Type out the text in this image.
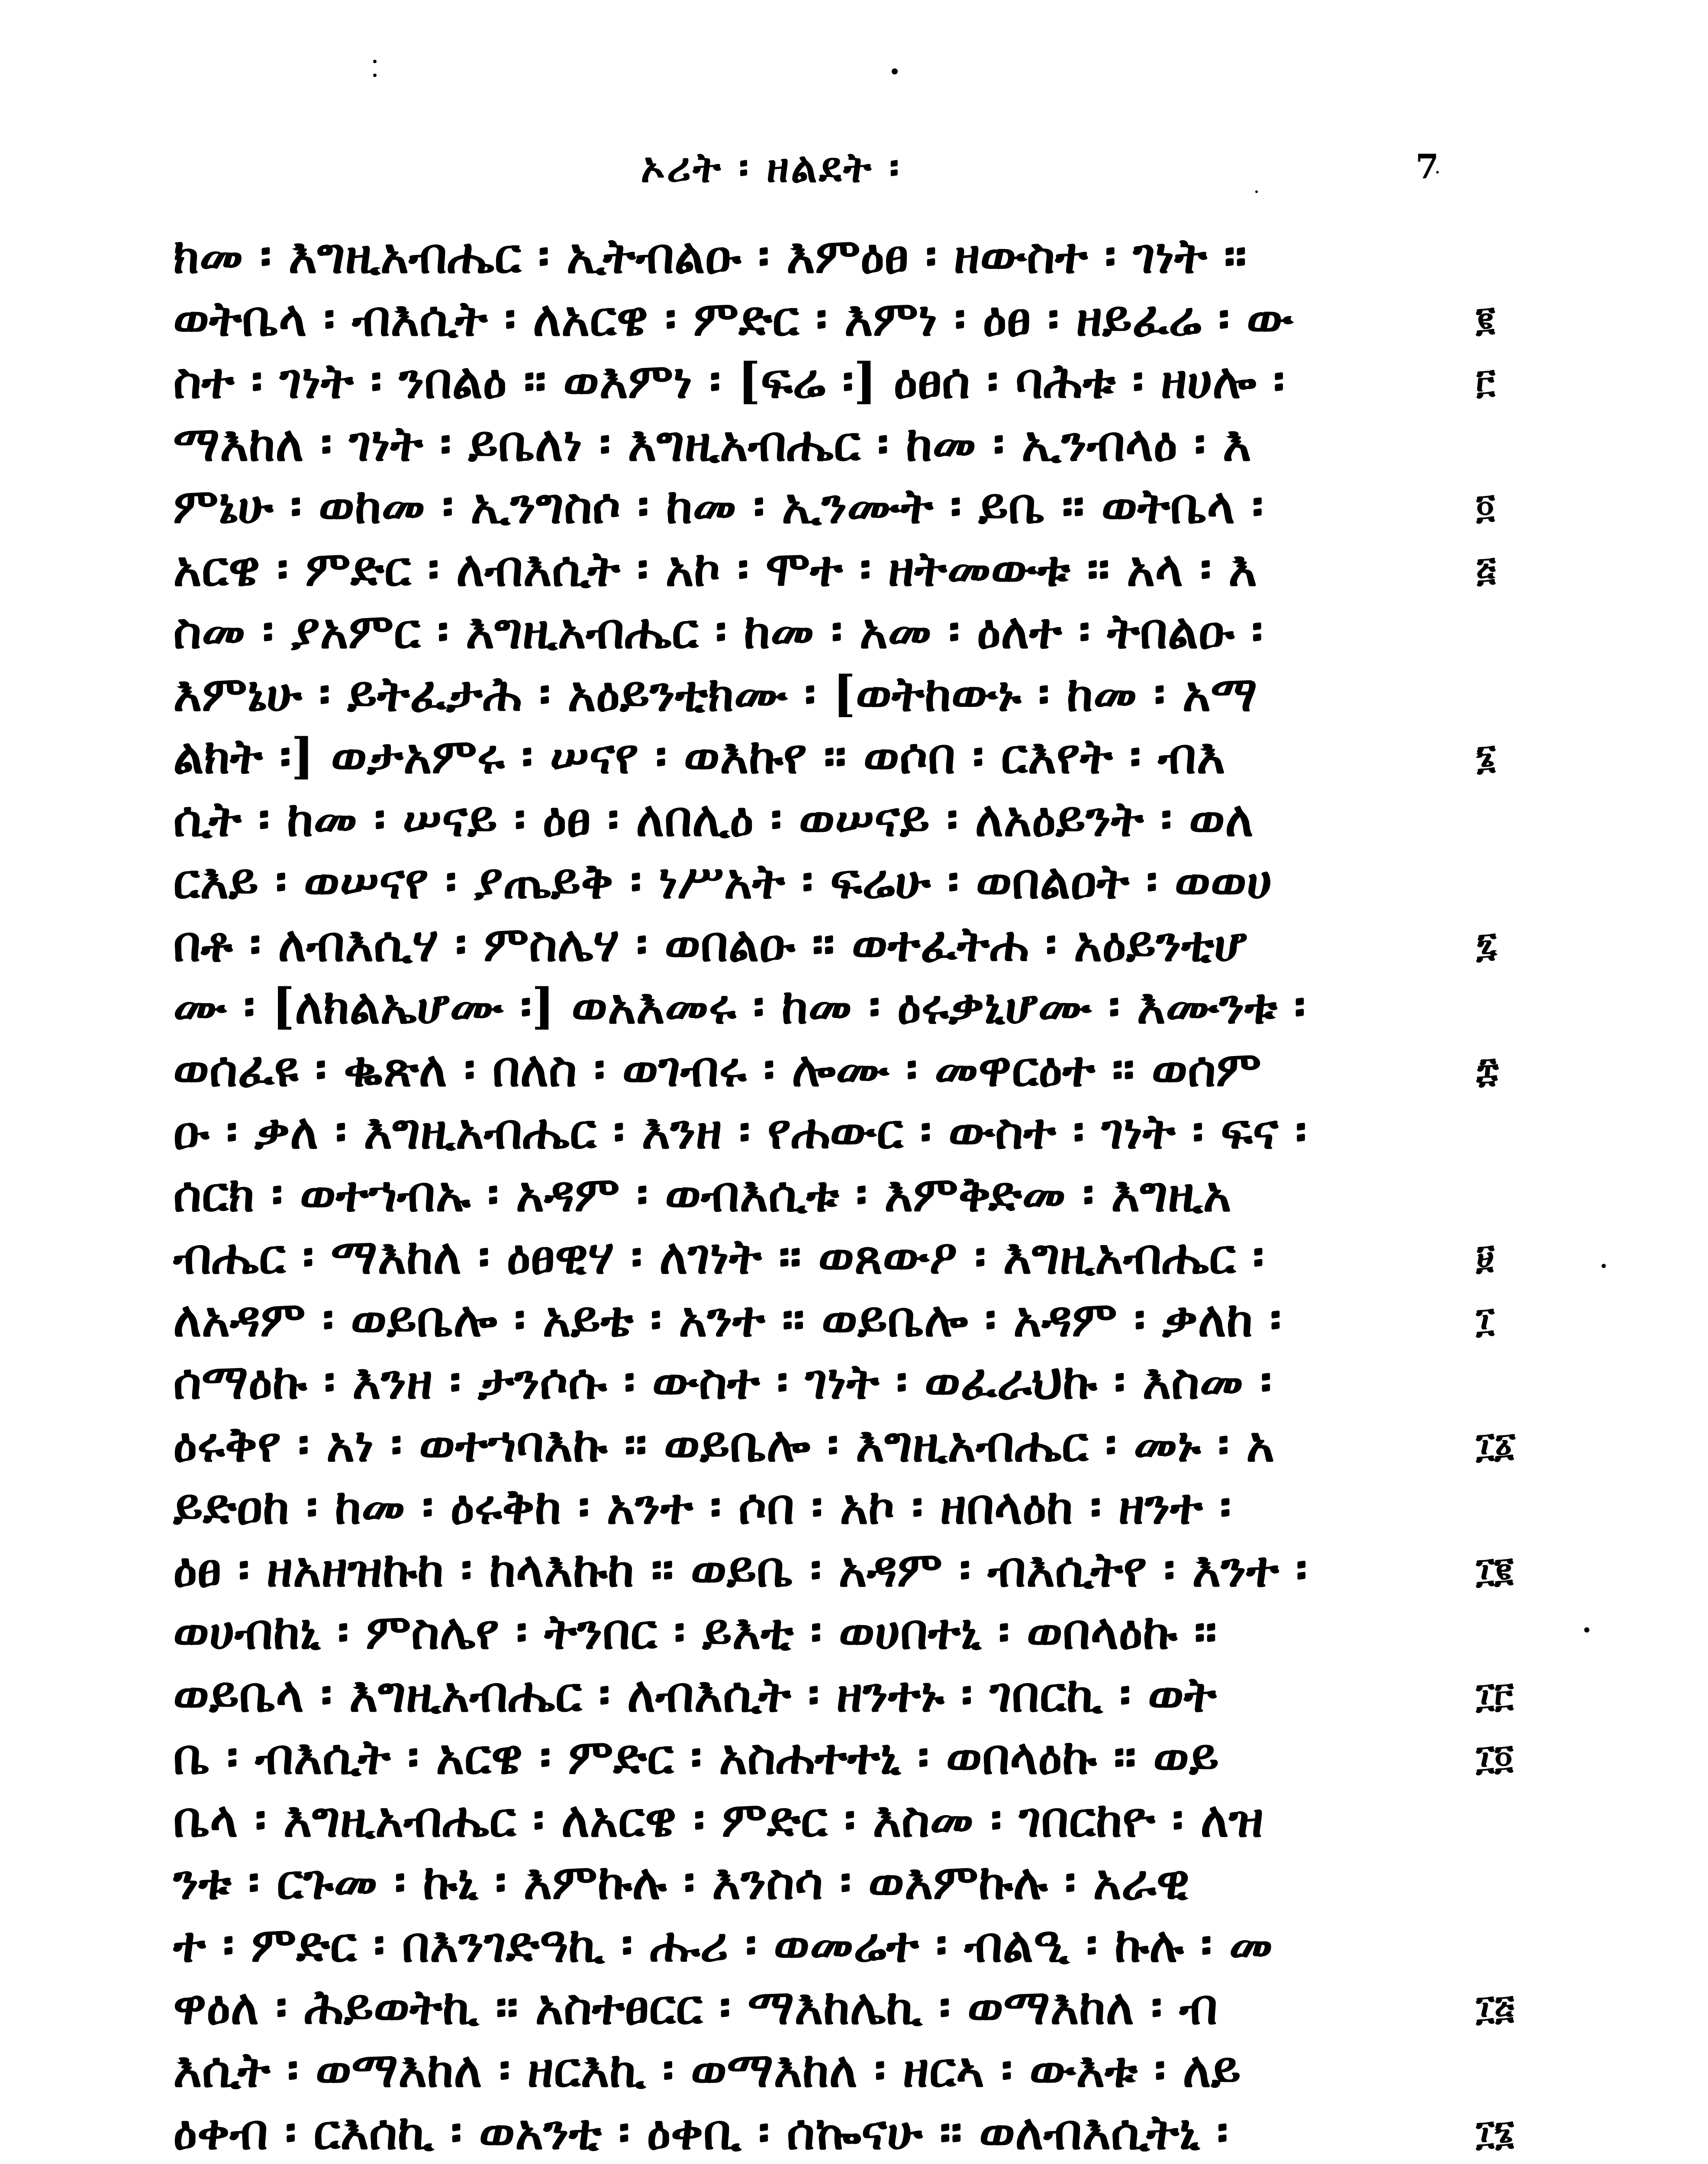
ኦሪት ፡ ዘልደት ፡	7
ክመ ፡ እግዚአብሔር ፡ ኢትብልዑ ፡ እምዕፀ ፡ ዘውስተ ፡ ገነት ።
ወትቤላ ፡ ብእሲት ፡ ለአርዌ ፡ ምድር ፡ እምነ ፡ ዕፀ ፡ ዘይፈሬ ፡ ው
ስተ ፡ ገነት ፡ ንበልዕ ። ወእምነ ፡ [ፍሬ ፡] ዕፀሰ ፡ ባሕቱ ፡ ዘሀሎ ፡
ማእከለ ፡ ገነት ፡ ይቤለነ ፡ እግዚአብሔር ፡ ከመ ፡ ኢንብላዕ ፡ እ
ምኔሁ ፡ ወከመ ፡ ኢንግስሶ ፡ ከመ ፡ ኢንሙት ፡ ይቤ ። ወትቤላ ፡
አርዌ ፡ ምድር ፡ ለብእሲት ፡ አኮ ፡ ሞተ ፡ ዘትመውቱ ። አላ ፡ እ
ስመ ፡ ያአምር ፡ እግዚአብሔር ፡ ከመ ፡ አመ ፡ ዕለተ ፡ ትበልዑ ፡
እምኔሁ ፡ ይትፈታሕ ፡ አዕይንቲክሙ ፡ [ወትከውኑ ፡ ከመ ፡ አማ
ልክት ፡] ወታአምሩ ፡ ሠናየ ፡ ወእኩየ ። ወሶበ ፡ ርእየት ፡ ብእ
ሲት ፡ ከመ ፡ ሠናይ ፡ ዕፀ ፡ ለበሊዕ ፡ ወሠናይ ፡ ለአዕይንት ፡ ወለ
ርእይ ፡ ወሠናየ ፡ ያጤይቅ ፡ ነሥአት ፡ ፍሬሁ ፡ ወበልዐት ፡ ወወሀ
በቶ ፡ ለብእሲሃ ፡ ምስሌሃ ፡ ወበልዑ ። ወተፈትሐ ፡ አዕይንቲሆ
ሙ ፡ [ለክልኤሆሙ ፡] ወአእመሩ ፡ ከመ ፡ ዕሩቃኒሆሙ ፡ እሙንቱ ፡
ወሰፈዩ ፡ ቈጽለ ፡ በለስ ፡ ወገብሩ ፡ ሎሙ ፡ መዋርዕተ ። ወሰም
ዑ ፡ ቃለ ፡ እግዚአብሔር ፡ እንዘ ፡ የሐውር ፡ ውስተ ፡ ገነት ፡ ፍና ፡
ሰርክ ፡ ወተኀብኡ ፡ አዳም ፡ ወብእሲቱ ፡ እምቅድመ ፡ እግዚአ
ብሔር ፡ ማእከለ ፡ ዕፀዊሃ ፡ ለገነት ። ወጸውዖ ፡ እግዚአብሔር ፡
ለአዳም ፡ ወይቤሎ ፡ አይቴ ፡ አንተ ። ወይቤሎ ፡ አዳም ፡ ቃለከ ፡
ሰማዕኩ ፡ እንዘ ፡ ታንሶሱ ፡ ውስተ ፡ ገነት ፡ ወፈራህኩ ፡ እስመ ፡
ዕሩቅየ ፡ አነ ፡ ወተኀባእኩ ። ወይቤሎ ፡ እግዚአብሔር ፡ መኑ ፡ አ
ይድዐከ ፡ ከመ ፡ ዕሩቅከ ፡ አንተ ፡ ሶበ ፡ አኮ ፡ ዘበላዕከ ፡ ዘንተ ፡
ዕፀ ፡ ዘአዘዝኩከ ፡ ከላእኩከ ። ወይቤ ፡ አዳም ፡ ብእሲትየ ፡ እንተ ፡
ወሀብከኒ ፡ ምስሌየ ፡ ትንበር ፡ ይእቲ ፡ ወሀበተኒ ፡ ወበላዕኩ ።
ወይቤላ ፡ እግዚአብሔር ፡ ለብእሲት ፡ ዘንተኑ ፡ ገበርኪ ፡ ወት
ቤ ፡ ብእሲት ፡ አርዌ ፡ ምድር ፡ አስሐተተኒ ፡ ወበላዕኩ ። ወይ
ቤላ ፡ እግዚአብሔር ፡ ለአርዌ ፡ ምድር ፡ እስመ ፡ ገበርከዮ ፡ ለዝ
ንቱ ፡ ርጉመ ፡ ኩኒ ፡ እምኩሉ ፡ እንስሳ ፡ ወእምኩሉ ፡ አራዊ
ተ ፡ ምድር ፡ በእንገድዓኪ ፡ ሑሪ ፡ ወመሬተ ፡ ብልዒ ፡ ኩሉ ፡ መ
ዋዕለ ፡ ሕይወትኪ ። አስተፀርር ፡ ማእከሌኪ ፡ ወማእከለ ፡ ብ
እሲት ፡ ወማእከለ ፡ ዘርእኪ ፡ ወማእከለ ፡ ዘርኣ ፡ ውእቱ ፡ ለይ
ዕቀብ ፡ ርእሰኪ ፡ ወአንቲ ፡ ዕቀቢ ፡ ሰኰናሁ ። ወለብእሲትኒ ፡
፪
፫
፬
፭
፮
፯
፰
፱
፲
፲፩
፲፪
፲፫
፲፬
፲፭
፲፮
